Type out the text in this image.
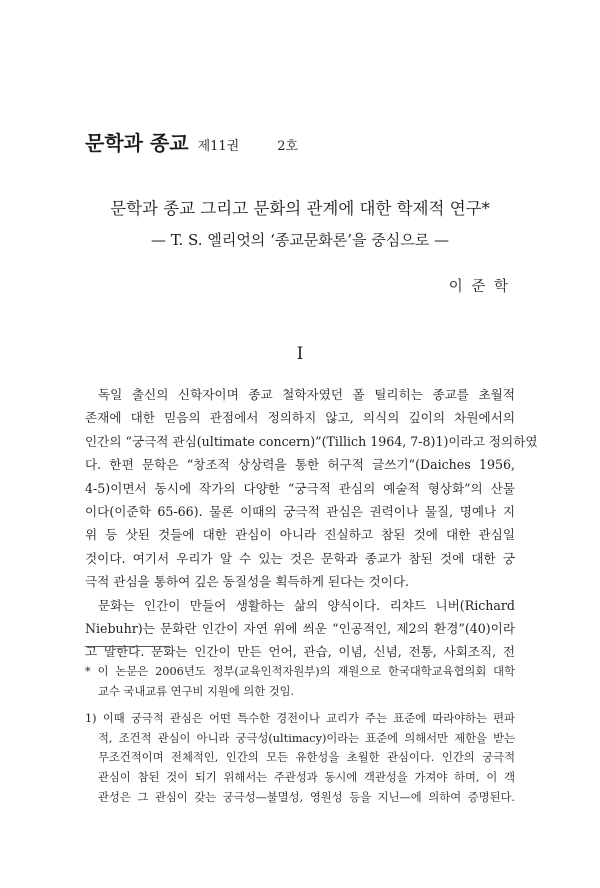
문학과 종교 제11권	2호
문학과 종교 그리고 문화의 관계에 대한 학제적 연구*
— T. S. 엘리엇의 ‘종교문화론’을 중심으로 —
이 준 학
I
독일 출신의 신학자이며 종교 철학자였던 폴 틸리히는 종교를 초월적
존재에 대한 믿음의 관점에서 정의하지 않고, 의식의 깊이의 차원에서의
인간의 “궁극적 관심(ultimate concern)”(Tillich 1964, 7-8)1)이라고 정의하였
다. 한편 문학은 “창조적 상상력을 통한 허구적 글쓰기”(Daiches 1956,
4-5)이면서 동시에 작가의 다양한 “궁극적 관심의 예술적 형상화”의 산물
이다(이준학 65-66). 물론 이때의 궁극적 관심은 권력이나 물질, 명예나 지
위 등 삿된 것들에 대한 관심이 아니라 진실하고 참된 것에 대한 관심일
것이다. 여기서 우리가 알 수 있는 것은 문학과 종교가 참된 것에 대한 궁
극적 관심을 통하여 깊은 동질성을 획득하게 된다는 것이다.
문화는 인간이 만들어 생활하는 삶의 양식이다. 리챠드 니버(Richard
Niebuhr)는 문화란 인간이 자연 위에 씌운 “인공적인, 제2의 환경”(40)이라
고 말한다. 문화는 인간이 만든 언어, 관습, 이념, 신념, 전통, 사회조직, 전
* 이 논문은 2006년도 정부(교육인적자원부)의 재원으로 한국대학교육협의회 대학
교수 국내교류 연구비 지원에 의한 것임.
1) 이때 궁극적 관심은 어떤 특수한 경전이나 교리가 주는 표준에 따라야하는 편파
적, 조건적 관심이 아니라 궁극성(ultimacy)이라는 표준에 의해서만 제한을 받는
무조건적이며 전체적인, 인간의 모든 유한성을 초월한 관심이다. 인간의 궁극적
관심이 참된 것이 되기 위해서는 주관성과 동시에 객관성을 가져야 하며, 이 객
관성은 그 관심이 갖는 궁극성—불멸성, 영원성 등을 지닌—에 의하여 증명된다.
